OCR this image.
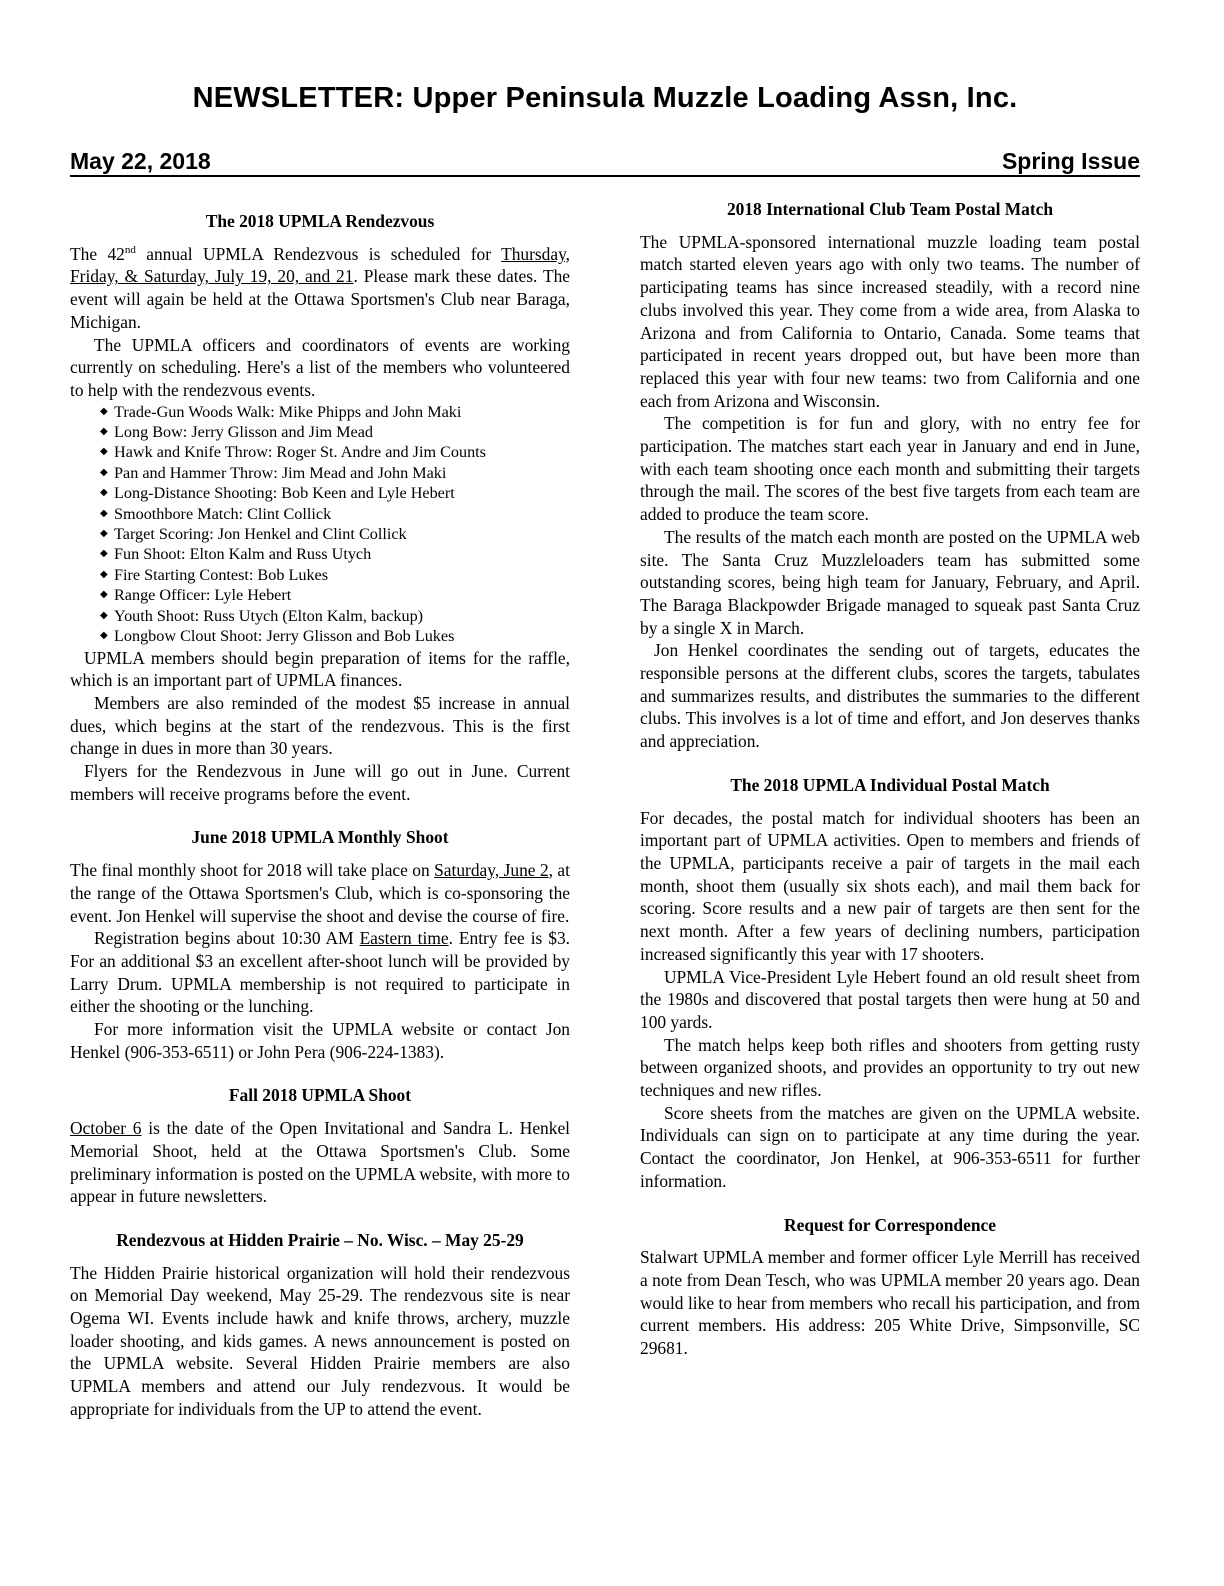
NEWSLETTER: Upper Peninsula Muzzle Loading Assn, Inc.
May 22, 2018	Spring Issue
The 2018 UPMLA Rendezvous

The 42nd annual UPMLA Rendezvous is scheduled for Thursday, Friday, & Saturday, July 19, 20, and 21. Please mark these dates. The event will again be held at the Ottawa Sportsmen's Club near Baraga, Michigan.

The UPMLA officers and coordinators of events are working currently on scheduling. Here's a list of the members who volunteered to help with the rendezvous events.

◆ Trade-Gun Woods Walk: Mike Phipps and John Maki
◆ Long Bow: Jerry Glisson and Jim Mead
◆ Hawk and Knife Throw: Roger St. Andre and Jim Counts
◆ Pan and Hammer Throw: Jim Mead and John Maki
◆ Long-Distance Shooting: Bob Keen and Lyle Hebert
◆ Smoothbore Match: Clint Collick
◆ Target Scoring: Jon Henkel and Clint Collick
◆ Fun Shoot: Elton Kalm and Russ Utych
◆ Fire Starting Contest: Bob Lukes
◆ Range Officer: Lyle Hebert
◆ Youth Shoot: Russ Utych (Elton Kalm, backup)
◆ Longbow Clout Shoot: Jerry Glisson and Bob Lukes

UPMLA members should begin preparation of items for the raffle, which is an important part of UPMLA finances.

Members are also reminded of the modest $5 increase in annual dues, which begins at the start of the rendezvous. This is the first change in dues in more than 30 years.

Flyers for the Rendezvous in June will go out in June. Current members will receive programs before the event.

June 2018 UPMLA Monthly Shoot

The final monthly shoot for 2018 will take place on Saturday, June 2, at the range of the Ottawa Sportsmen's Club, which is co-sponsoring the event. Jon Henkel will supervise the shoot and devise the course of fire.

Registration begins about 10:30 AM Eastern time. Entry fee is $3. For an additional $3 an excellent after-shoot lunch will be provided by Larry Drum. UPMLA membership is not required to participate in either the shooting or the lunching.

For more information visit the UPMLA website or contact Jon Henkel (906-353-6511) or John Pera (906-224-1383).

Fall 2018 UPMLA Shoot

October 6 is the date of the Open Invitational and Sandra L. Henkel Memorial Shoot, held at the Ottawa Sportsmen's Club. Some preliminary information is posted on the UPMLA website, with more to appear in future newsletters.

Rendezvous at Hidden Prairie – No. Wisc. – May 25-29

The Hidden Prairie historical organization will hold their rendezvous on Memorial Day weekend, May 25-29. The rendezvous site is near Ogema WI. Events include hawk and knife throws, archery, muzzle loader shooting, and kids games. A news announcement is posted on the UPMLA website. Several Hidden Prairie members are also UPMLA members and attend our July rendezvous. It would be appropriate for individuals from the UP to attend the event.

2018 International Club Team Postal Match

The UPMLA-sponsored international muzzle loading team postal match started eleven years ago with only two teams. The number of participating teams has since increased steadily, with a record nine clubs involved this year. They come from a wide area, from Alaska to Arizona and from California to Ontario, Canada. Some teams that participated in recent years dropped out, but have been more than replaced this year with four new teams: two from California and one each from Arizona and Wisconsin.

The competition is for fun and glory, with no entry fee for participation. The matches start each year in January and end in June, with each team shooting once each month and submitting their targets through the mail. The scores of the best five targets from each team are added to produce the team score.

The results of the match each month are posted on the UPMLA web site. The Santa Cruz Muzzleloaders team has submitted some outstanding scores, being high team for January, February, and April. The Baraga Blackpowder Brigade managed to squeak past Santa Cruz by a single X in March.

Jon Henkel coordinates the sending out of targets, educates the responsible persons at the different clubs, scores the targets, tabulates and summarizes results, and distributes the summaries to the different clubs. This involves is a lot of time and effort, and Jon deserves thanks and appreciation.

The 2018 UPMLA Individual Postal Match

For decades, the postal match for individual shooters has been an important part of UPMLA activities. Open to members and friends of the UPMLA, participants receive a pair of targets in the mail each month, shoot them (usually six shots each), and mail them back for scoring. Score results and a new pair of targets are then sent for the next month. After a few years of declining numbers, participation increased significantly this year with 17 shooters.

UPMLA Vice-President Lyle Hebert found an old result sheet from the 1980s and discovered that postal targets then were hung at 50 and 100 yards.

The match helps keep both rifles and shooters from getting rusty between organized shoots, and provides an opportunity to try out new techniques and new rifles.

Score sheets from the matches are given on the UPMLA website. Individuals can sign on to participate at any time during the year. Contact the coordinator, Jon Henkel, at 906-353-6511 for further information.

Request for Correspondence

Stalwart UPMLA member and former officer Lyle Merrill has received a note from Dean Tesch, who was UPMLA member 20 years ago. Dean would like to hear from members who recall his participation, and from current members. His address: 205 White Drive, Simpsonville, SC 29681.
